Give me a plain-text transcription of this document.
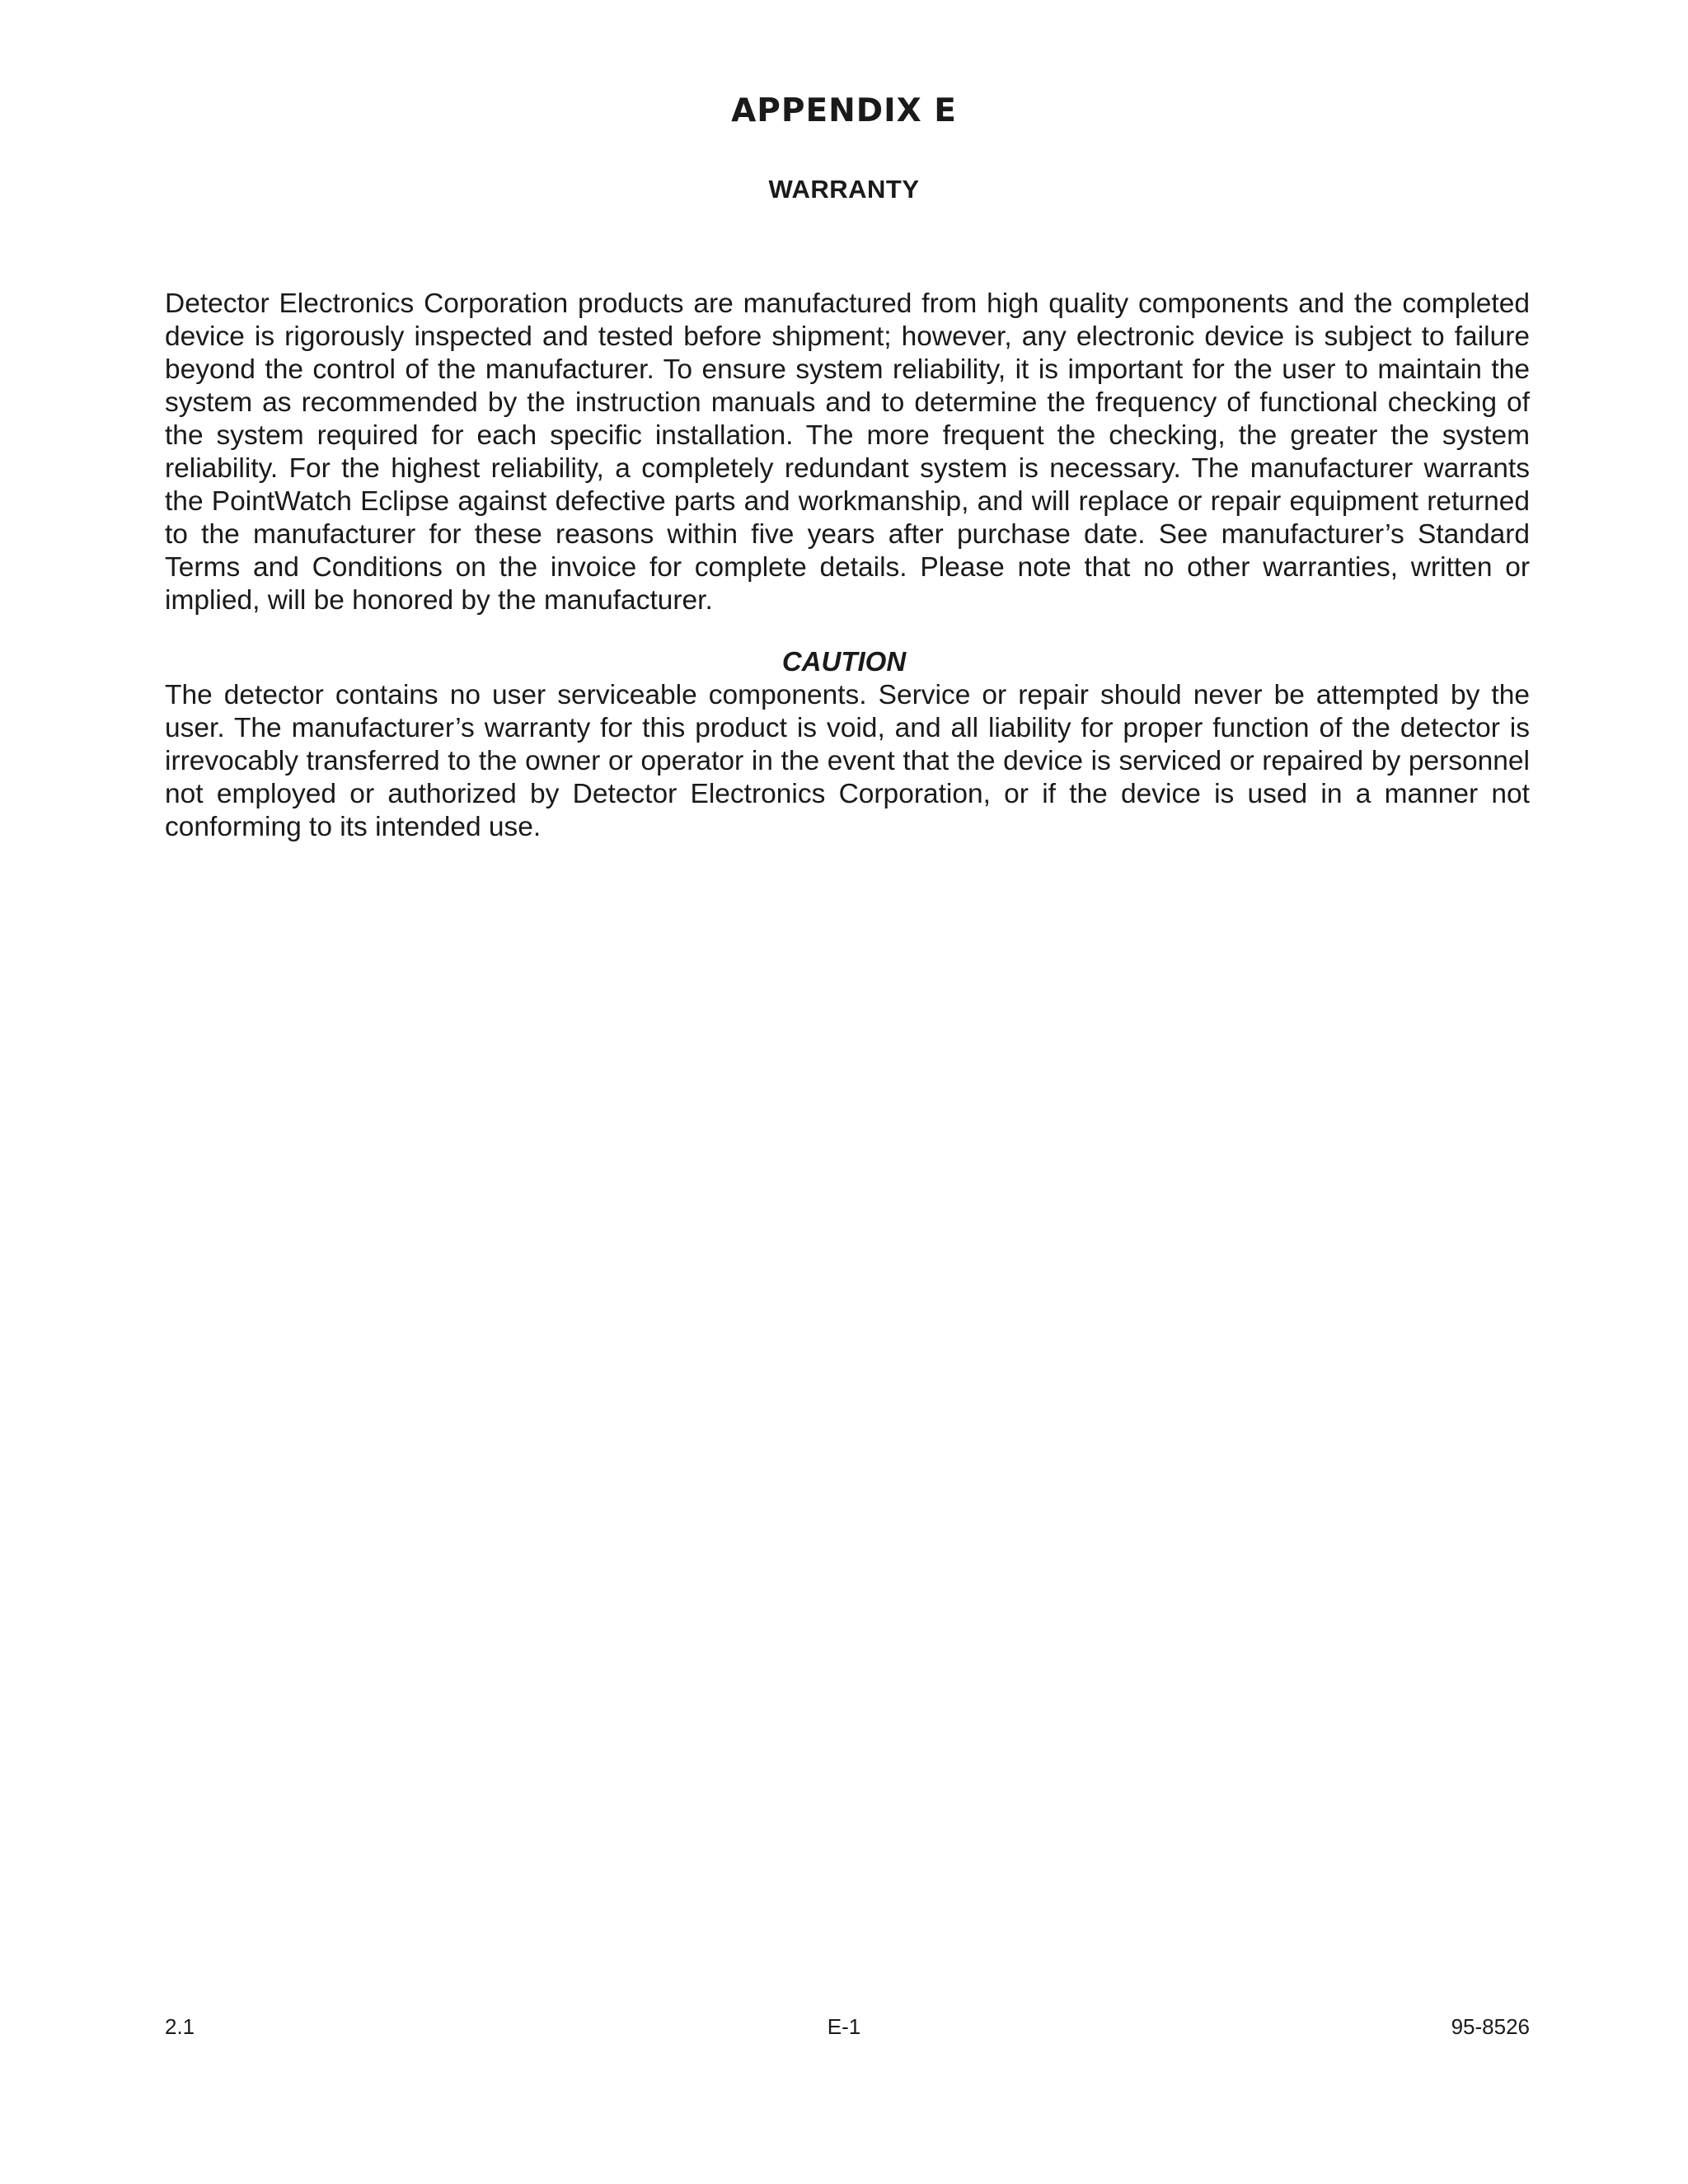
APPENDIX E
WARRANTY

Detector Electronics Corporation products are manufactured from high quality components and the completed device is rigorously inspected and tested before shipment; however, any electronic device is subject to failure beyond the control of the manufacturer. To ensure system reliability, it is important for the user to maintain the system as recommended by the instruction manuals and to determine the frequency of functional checking of the system required for each specific installation. The more frequent the checking, the greater the system reliability. For the highest reliability, a completely redundant system is necessary. The manufacturer warrants the PointWatch Eclipse against defective parts and workmanship, and will replace or repair equipment returned to the manufacturer for these reasons within five years after purchase date. See manufacturer’s Standard Terms and Conditions on the invoice for complete details. Please note that no other warranties, written or implied, will be honored by the manufacturer.

CAUTION

The detector contains no user serviceable components. Service or repair should never be attempted by the user. The manufacturer’s warranty for this product is void, and all liability for proper function of the detector is irrevocably transferred to the owner or operator in the event that the device is serviced or repaired by personnel not employed or authorized by Detector Electronics Corporation, or if the device is used in a manner not conforming to its intended use.

2.1	E-1	95-8526
